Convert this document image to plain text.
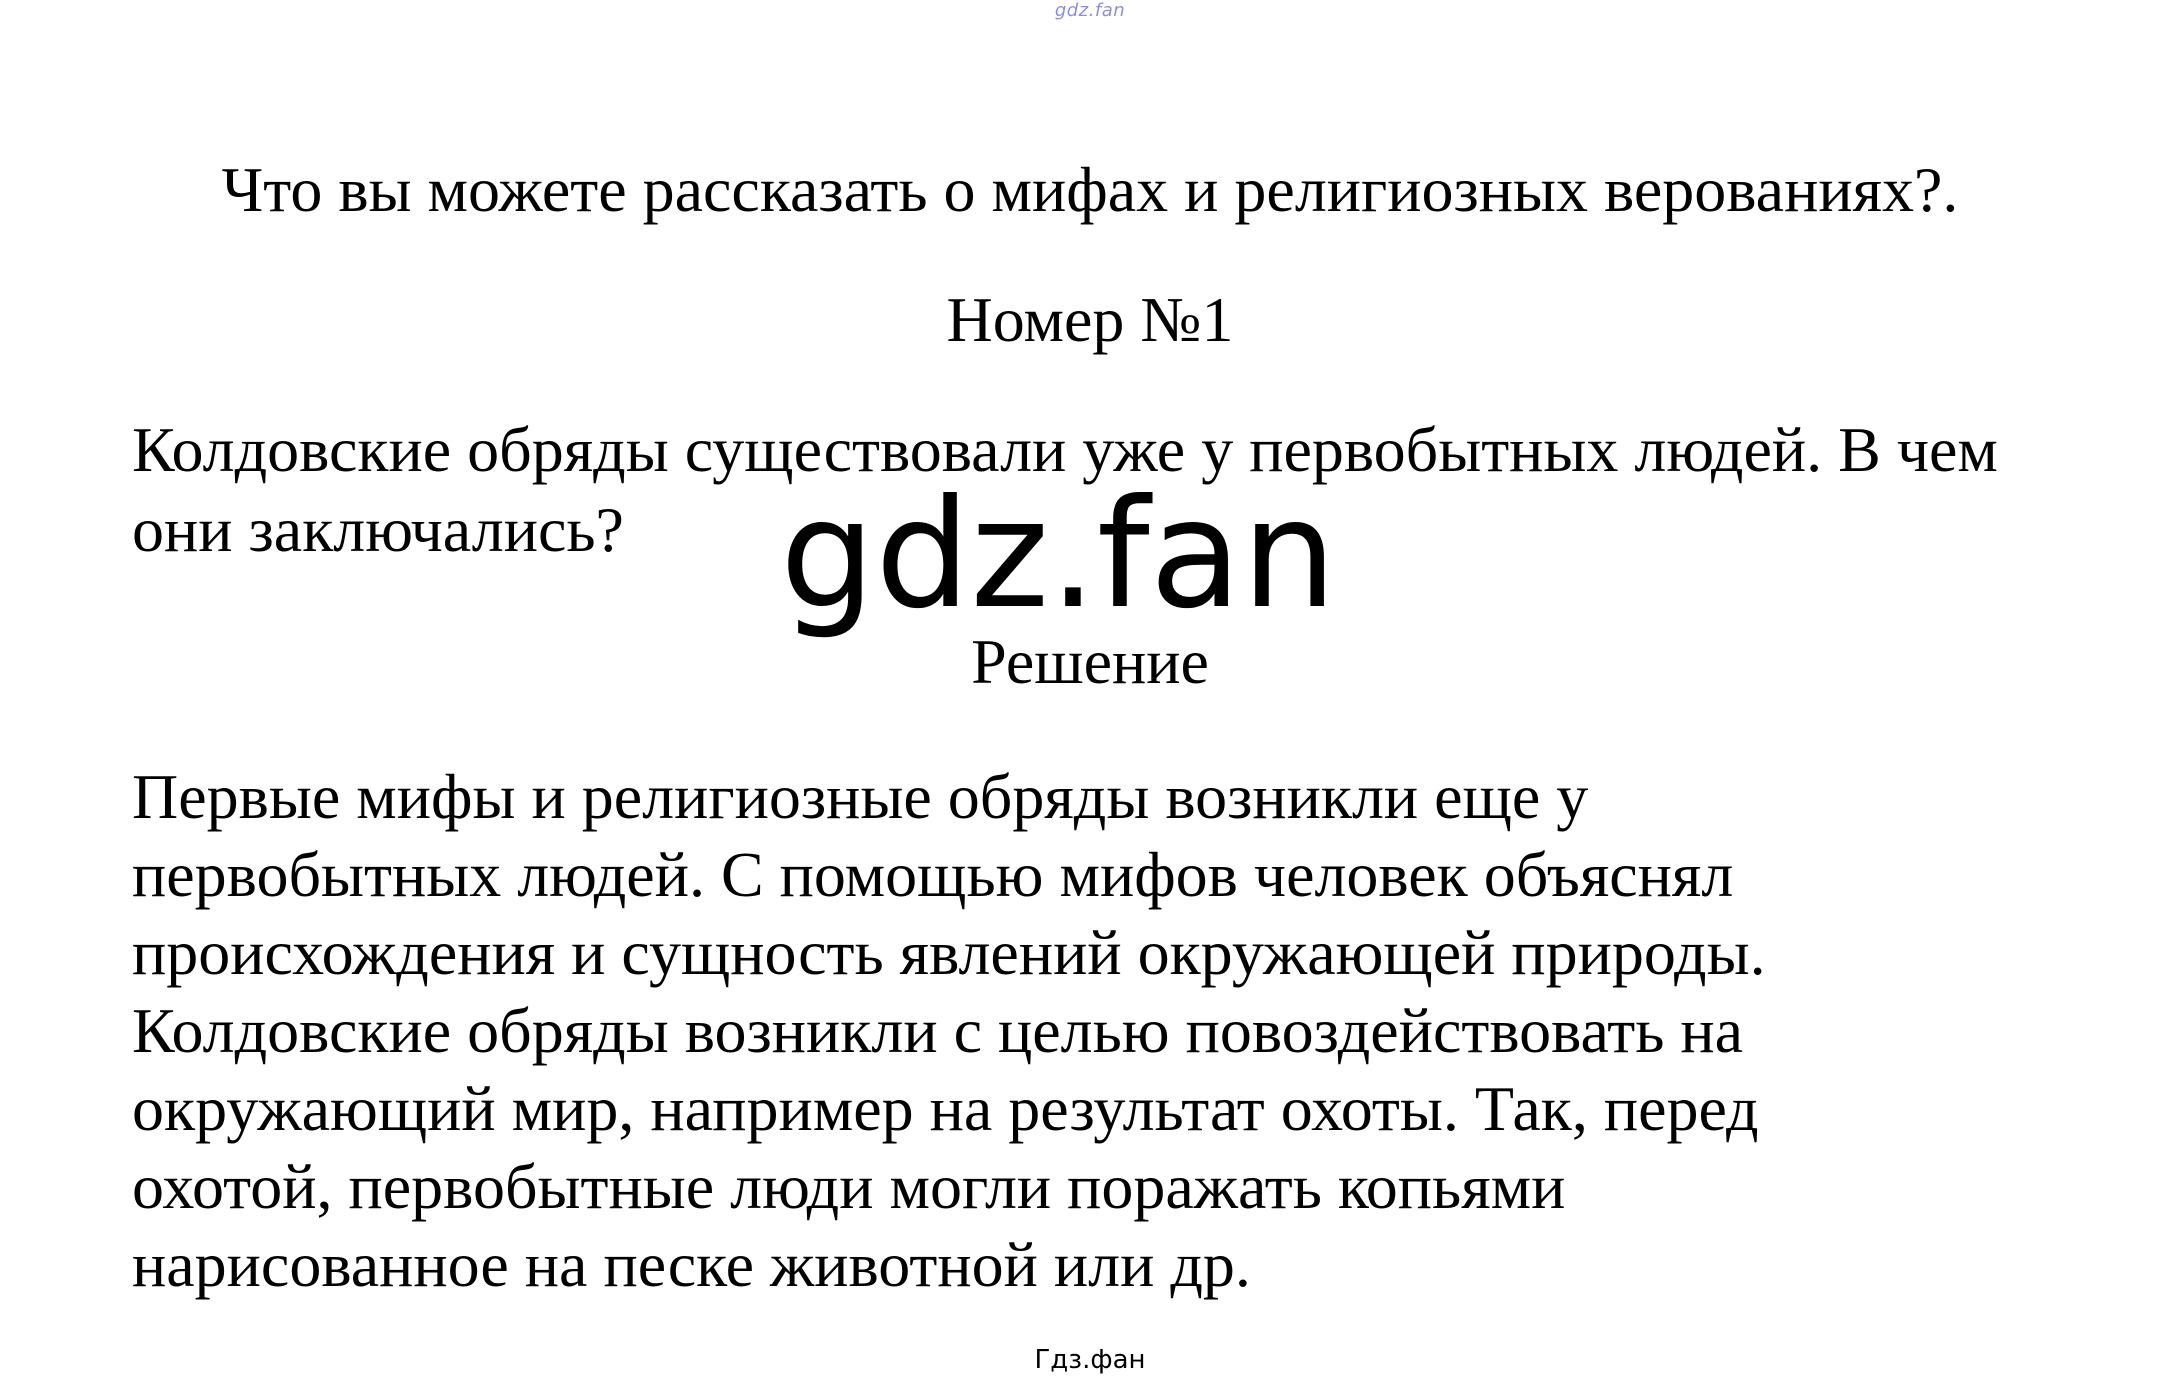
gdz.fan
Что вы можете рассказать о мифах и религиозных верованиях?.
Номер №1
Колдовские обряды существовали уже у первобытных людей. В чем они заключались?	gdz.fan
Решение
Первые мифы и религиозные обряды возникли еще у
первобытных людей. С помощью мифов человек объяснял
происхождения и сущность явлений окружающей природы.
Колдовские обряды возникли с целью повоздействовать на
окружающий мир, например на результат охоты. Так, перед
охотой, первобытные люди могли поражать копьями
нарисованное на песке животной или др.
Гдз.фан
